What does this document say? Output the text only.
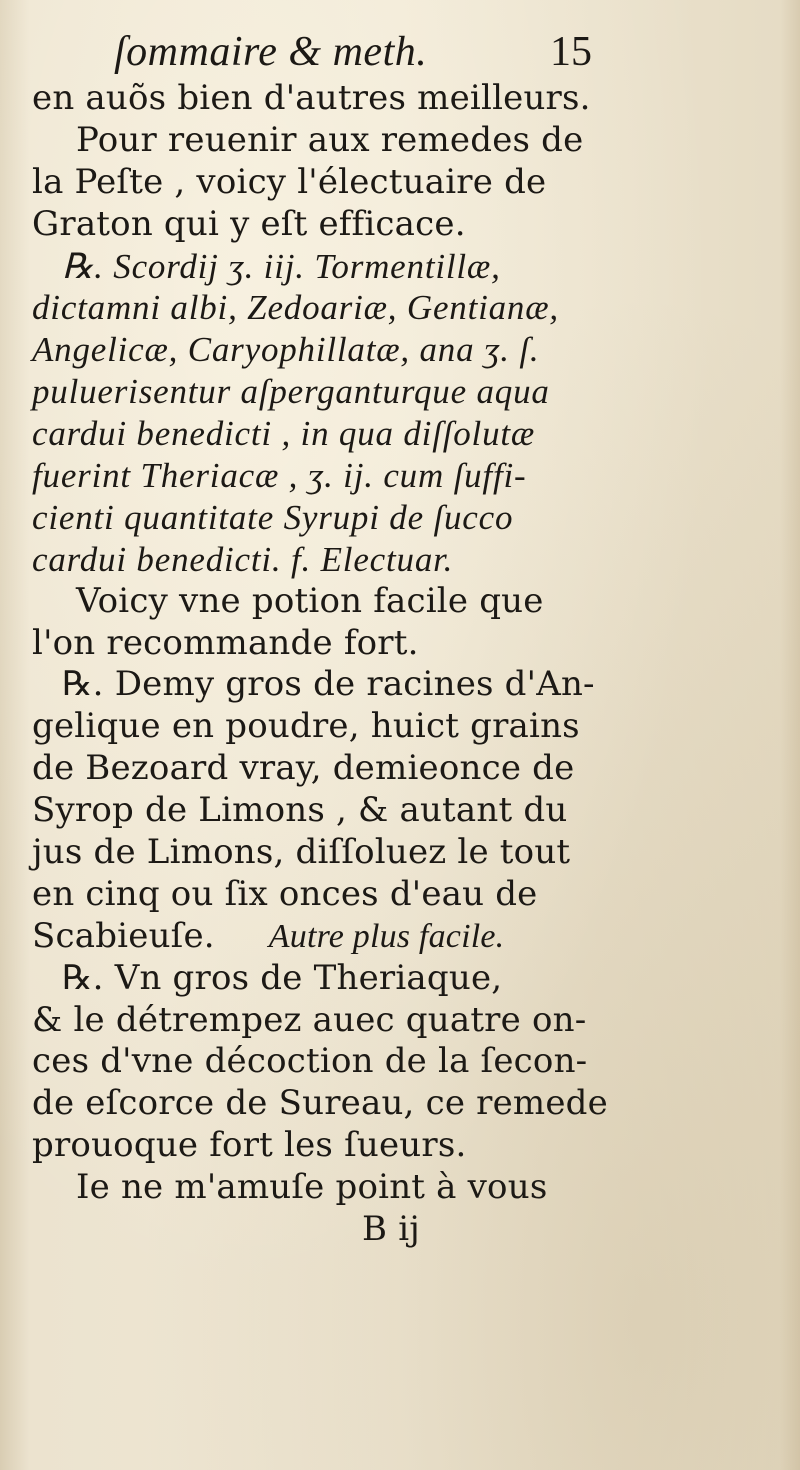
ſommaire & meth.	15
en auõs bien d'autres meilleurs.
Pour reuenir aux remedes de
la Peſte , voicy l'électuaire de
Graton qui y eſt efficace.
℞. Scordij ʒ. iij. Tormentillæ,
dictamni albi, Zedoariæ, Gentianæ,
Angelicæ, Caryophillatæ, ana ʒ. ſ.
puluerisentur aſperganturque aqua
cardui benedicti , in qua diſſolutæ
fuerint Theriacæ , ʒ. ij. cum ſuffi-
cienti quantitate Syrupi de ſucco
cardui benedicti. f. Electuar.
Voicy vne potion facile que
l'on recommande fort.
℞. Demy gros de racines d'An-
gelique en poudre, huict grains
de Bezoard vray, demieonce de
Syrop de Limons , & autant du
jus de Limons, diſſoluez le tout
en cinq ou ſix onces d'eau de
Scabieuſe. Autre plus facile.
℞. Vn gros de Theriaque,
& le détrempez auec quatre on-
ces d'vne décoction de la ſecon-
de eſcorce de Sureau, ce remede
prouoque fort les ſueurs.
Ie ne m'amuſe point à vous
B ij
